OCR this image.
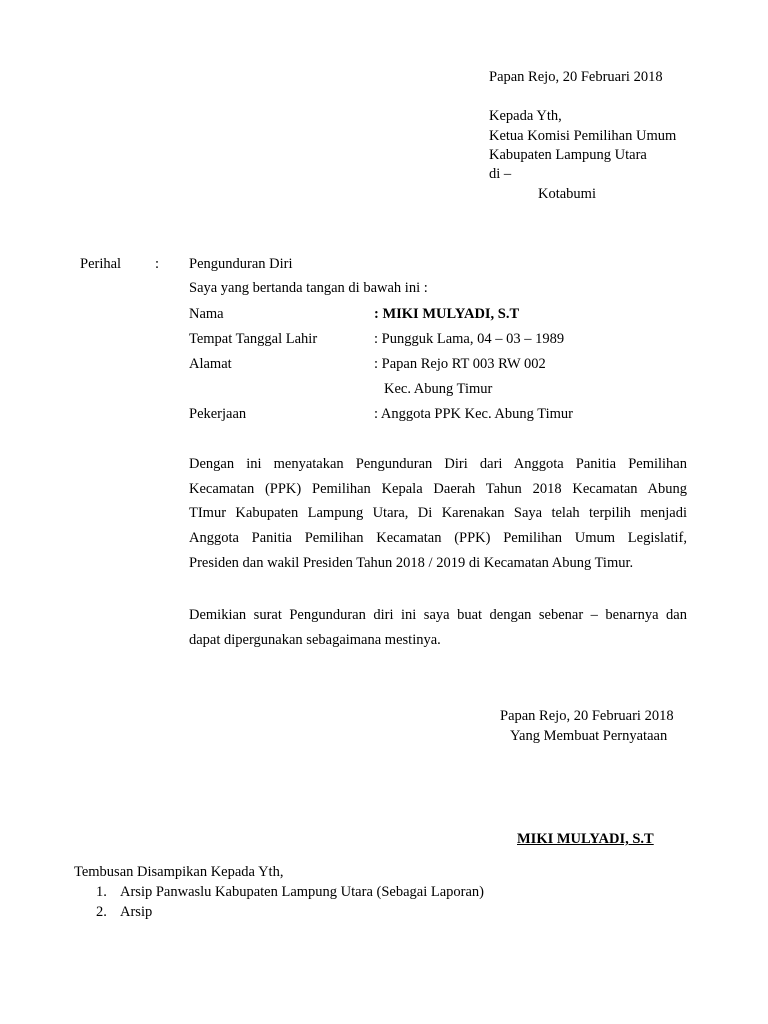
Papan Rejo, 20 Februari 2018
Kepada Yth,
Ketua Komisi Pemilihan Umum
Kabupaten Lampung Utara
di –
Kotabumi
Perihal : Pengunduran Diri
Saya yang bertanda tangan di bawah ini :
Nama	: MIKI MULYADI, S.T
Tempat Tanggal Lahir	: Pungguk Lama, 04 – 03 – 1989
Alamat	: Papan Rejo RT 003 RW 002
Kec. Abung Timur
Pekerjaan	: Anggota PPK Kec. Abung Timur
Dengan ini menyatakan Pengunduran Diri dari Anggota Panitia Pemilihan
Kecamatan (PPK) Pemilihan Kepala Daerah Tahun 2018 Kecamatan Abung
TImur Kabupaten Lampung Utara, Di Karenakan Saya telah terpilih menjadi
Anggota Panitia Pemilihan Kecamatan (PPK) Pemilihan Umum Legislatif,
Presiden dan wakil Presiden Tahun 2018 / 2019 di Kecamatan Abung Timur.
Demikian surat Pengunduran diri ini saya buat dengan sebenar – benarnya dan
dapat dipergunakan sebagaimana mestinya.
Papan Rejo, 20 Februari 2018
Yang Membuat Pernyataan
MIKI MULYADI, S.T
Tembusan Disampikan Kepada Yth,
1. Arsip Panwaslu Kabupaten Lampung Utara (Sebagai Laporan)
2. Arsip
